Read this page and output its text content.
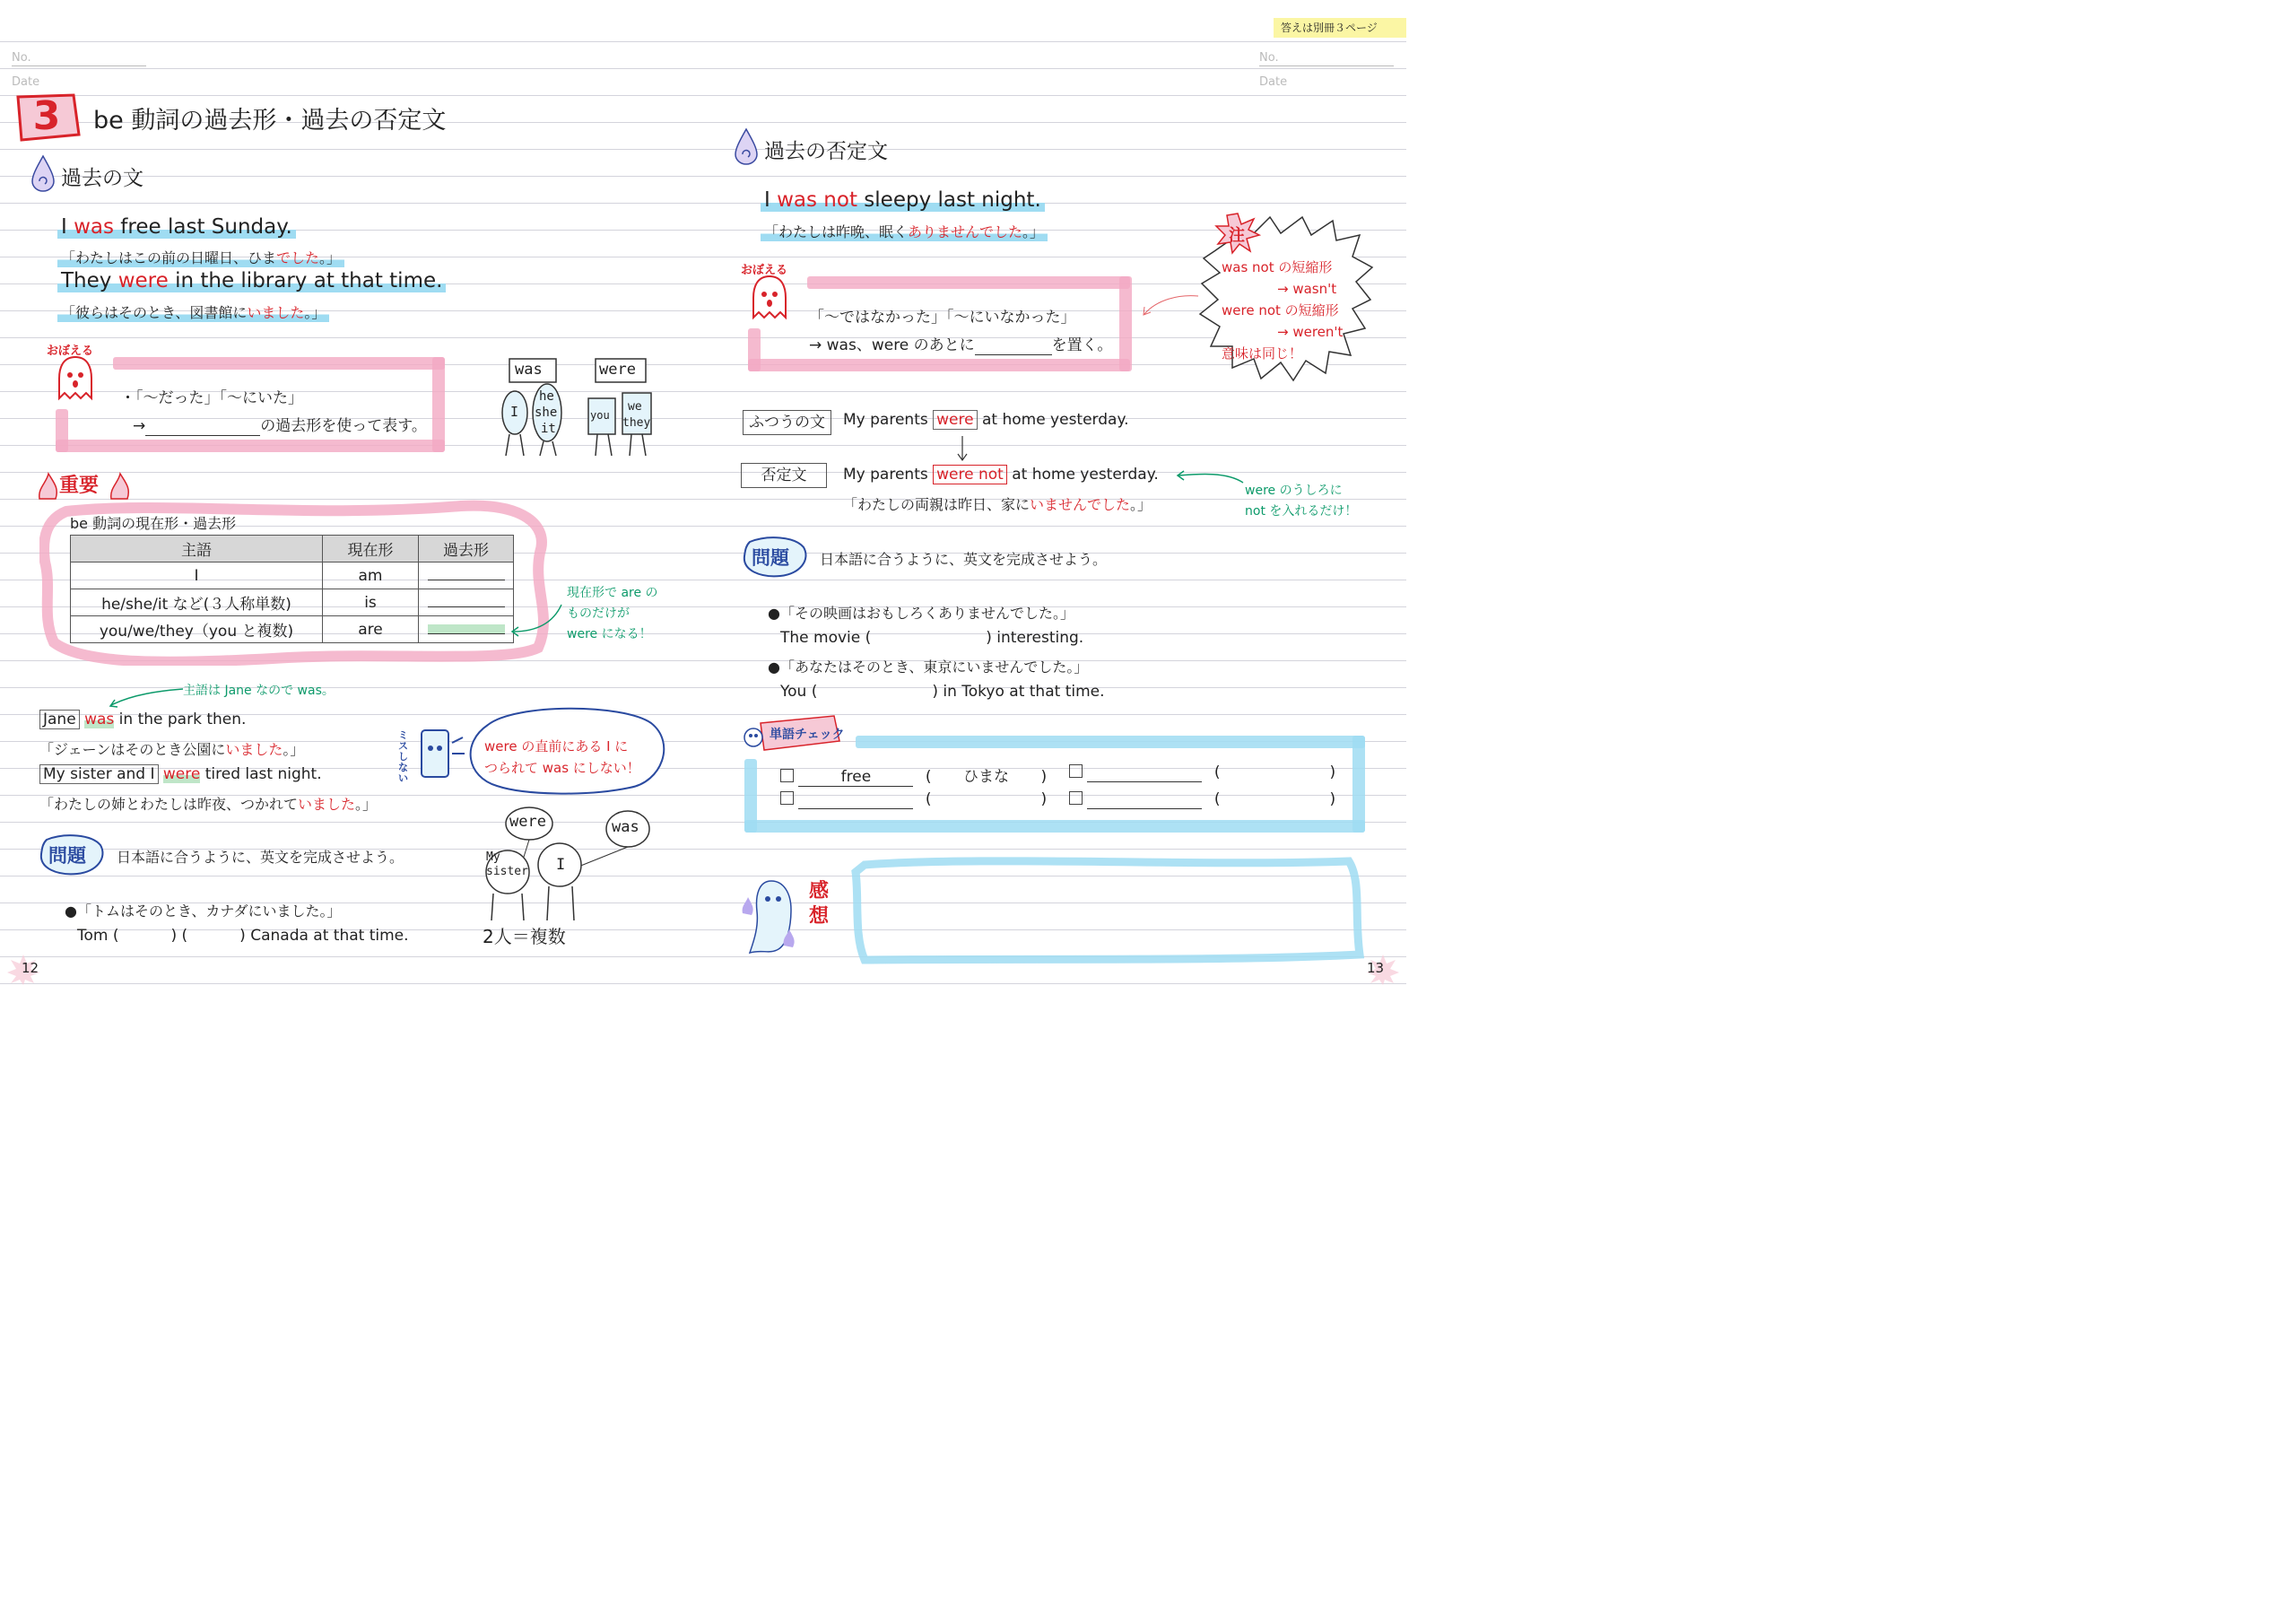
No.
Date
3	be 動詞の過去形・過去の否定文
過去の文
I was free last Sunday.
「わたしはこの前の日曜日、ひまでした。」
They were in the library at that time.
「彼らはそのとき、図書館にいました。」
おぼえる
・「〜だった」「〜にいた」
→	の過去形を使って表す。
was	were
I
he
she
it
you
we
they
重要
be 動詞の現在形・過去形
主語	現在形	過去形
I	am	
he/she/it など(３人称単数)	is	
you/we/they（you と複数)	are	
現在形で are の
ものだけが
were になる！
主語は Jane なので was。
Jane was in the park then.
「ジェーンはそのとき公園にいました。」
My sister and I were tired last night.
「わたしの姉とわたしは昨夜、つかれていました。」
ミスしない
were の直前にある I に
つられて was にしない！
were	was
My sister I
2人＝複数
問題 日本語に合うように、英文を完成させよう。
●「トムはそのとき、カナダにいました。」
Tom (	) (	) Canada at that time.
12
答えは別冊３ページ
No.
Date
過去の否定文
I was not sleepy last night.
「わたしは昨晩、眠くありませんでした。」
おぼえる
「〜ではなかった」「〜にいなかった」
→ was、were のあとに	を置く。
注
was not の短縮形
→ wasn't
were not の短縮形
→ weren't
意味は同じ！
ふつうの文	My parents were at home yesterday.
否定文	My parents were not at home yesterday.
「わたしの両親は昨日、家にいませんでした。」
were のうしろに
not を入れるだけ！
問題 日本語に合うように、英文を完成させよう。
●「その映画はおもしろくありませんでした。」
The movie (	) interesting.
●「あなたはそのとき、東京にいませんでした。」
You (	) in Tokyo at that time.
単語チェック
free	( ひまな )	(	)
(	)	(	)
感想
13
